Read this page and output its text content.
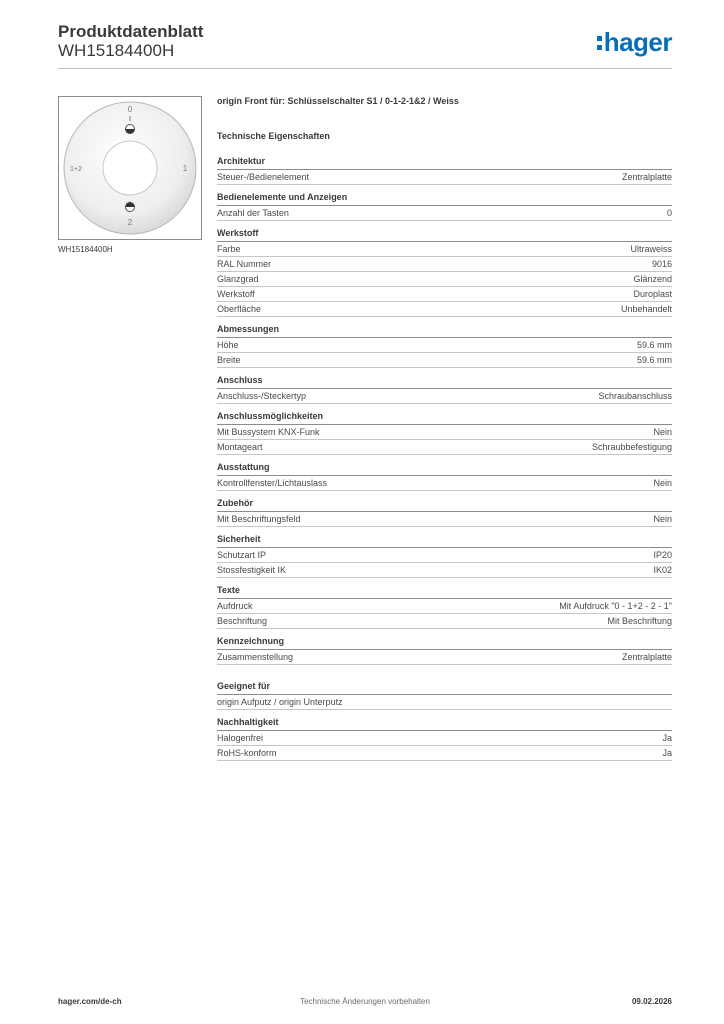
Produktdatenblatt
WH15184400H	hager
0
1+2	1
2
WH15184400H
origin Front für: Schlüsselschalter S1 / 0-1-2-1&2 / Weiss
Technische Eigenschaften
Architektur
Steuer-/Bedienelement	Zentralplatte
Bedienelemente und Anzeigen
Anzahl der Tasten	0
Werkstoff
Farbe	Ultraweiss
RAL Nummer	9016
Glanzgrad	Glänzend
Werkstoff	Duroplast
Oberfläche	Unbehandelt
Abmessungen
Höhe	59.6 mm
Breite	59.6 mm
Anschluss
Anschluss-/Steckertyp	Schraubanschluss
Anschlussmöglichkeiten
Mit Bussystem KNX-Funk	Nein
Montageart	Schraubbefestigung
Ausstattung
Kontrollfenster/Lichtauslass	Nein
Zubehör
Mit Beschriftungsfeld	Nein
Sicherheit
Schutzart IP	IP20
Stossfestigkeit IK	IK02
Texte
Aufdruck	Mit Aufdruck "0 - 1+2 - 2 - 1"
Beschriftung	Mit Beschriftung
Kennzeichnung
Zusammenstellung	Zentralplatte
Geeignet für
origin Aufputz / origin Unterputz
Nachhaltigkeit
Halogenfrei	Ja
RoHS-konform	Ja
hager.com/de-ch	Technische Änderungen vorbehalten	09.02.2026
